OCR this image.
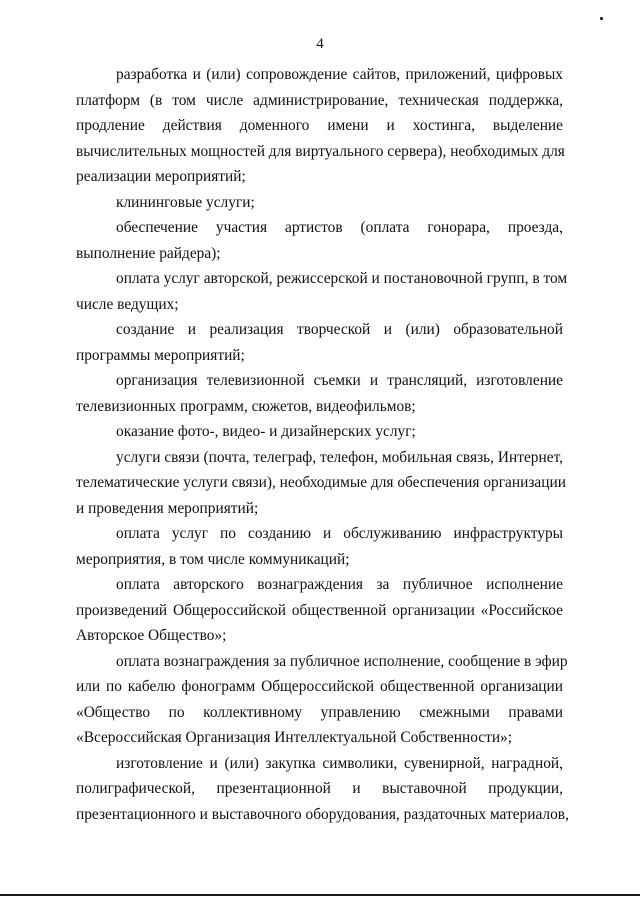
4
разработка и (или) сопровождение сайтов, приложений, цифровых
платформ (в том числе администрирование, техническая поддержка,
продление действия доменного имени и хостинга, выделение
вычислительных мощностей для виртуального сервера), необходимых для
реализации мероприятий;
клининговые услуги;
обеспечение участия артистов (оплата гонорара, проезда,
выполнение райдера);
оплата услуг авторской, режиссерской и постановочной групп, в том
числе ведущих;
создание и реализация творческой и (или) образовательной
программы мероприятий;
организация телевизионной съемки и трансляций, изготовление
телевизионных программ, сюжетов, видеофильмов;
оказание фото-, видео- и дизайнерских услуг;
услуги связи (почта, телеграф, телефон, мобильная связь, Интернет,
телематические услуги связи), необходимые для обеспечения организации
и проведения мероприятий;
оплата услуг по созданию и обслуживанию инфраструктуры
мероприятия, в том числе коммуникаций;
оплата авторского вознаграждения за публичное исполнение
произведений Общероссийской общественной организации «Российское
Авторское Общество»;
оплата вознаграждения за публичное исполнение, сообщение в эфир
или по кабелю фонограмм Общероссийской общественной организации
«Общество по коллективному управлению смежными правами
«Всероссийская Организация Интеллектуальной Собственности»;
изготовление и (или) закупка символики, сувенирной, наградной,
полиграфической, презентационной и выставочной продукции,
презентационного и выставочного оборудования, раздаточных материалов,
